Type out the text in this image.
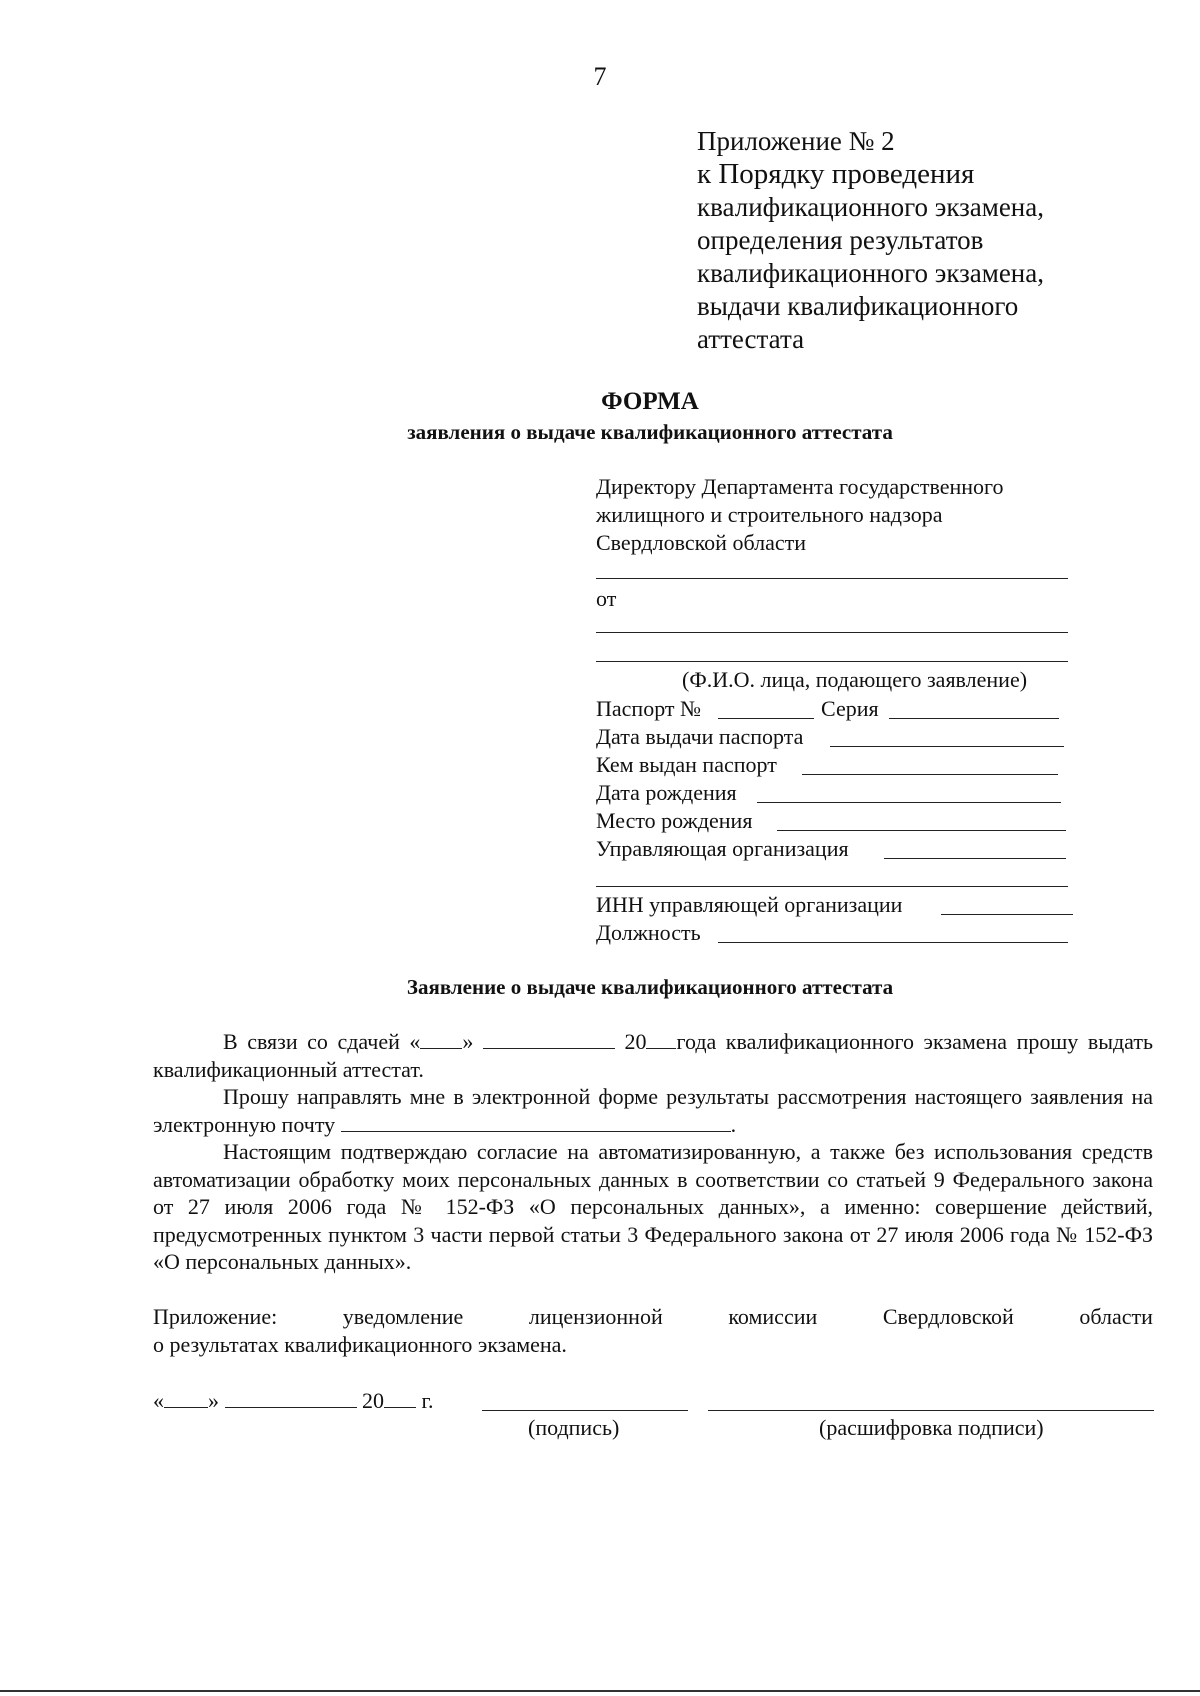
7
Приложение № 2
к Порядку проведения
квалификационного экзамена,
определения результатов
квалификационного экзамена,
выдачи квалификационного
аттестата
ФОРМА
заявления о выдаче квалификационного аттестата
Директору Департамента государственного
жилищного и строительного надзора
Свердловской области
от
(Ф.И.О. лица, подающего заявление)
Паспорт №	Серия
Дата выдачи паспорта
Кем выдан паспорт
Дата рождения
Место рождения
Управляющая организация
ИНН управляющей организации
Должность
Заявление о выдаче квалификационного аттестата

В связи со сдачей « »	20 года квалификационного экзамена прошу выдать квалификационный аттестат.

Прошу направлять мне в электронной форме результаты рассмотрения настоящего заявления на электронную почту	.

Настоящим подтверждаю согласие на автоматизированную, а также без использования средств автоматизации обработку моих персональных данных в соответствии со статьей 9 Федерального закона от 27 июля 2006 года № 152-ФЗ «О персональных данных», а именно: совершение действий, предусмотренных пунктом 3 части первой статьи 3 Федерального закона от 27 июля 2006 года № 152-ФЗ «О персональных данных».

Приложение:	уведомление	лицензионной	комиссии	Свердловской	области
о результатах квалификационного экзамена.
« »	20 г.
(подпись)	(расшифровка подписи)
